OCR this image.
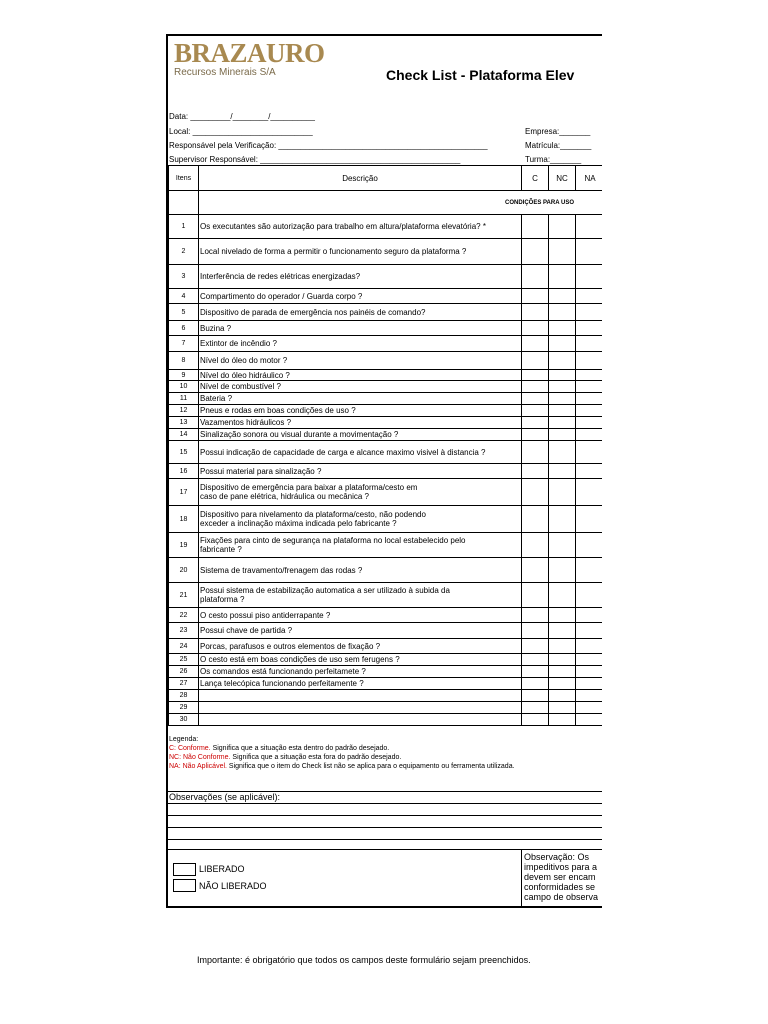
BRAZAURO
Recursos Minerais S/A	Check List - Plataforma Elev
Data: _________/________/__________
Local: ___________________________
Responsável pela Verificação: _______________________________________________
Supervisor Responsável: _____________________________________________
Empresa:_______
Matrícula:_______
Turma:_______
Itens	Descrição	C	NC	NA
	CONDIÇÕES PARA USO			
1	Os executantes são autorização para trabalho em altura/plataforma elevatória? *			
2	Local nivelado de forma a permitir o funcionamento seguro da plataforma ?			
3	Interferência de redes elétricas energizadas?			
4	Compartimento do operador / Guarda corpo ?			
5	Dispositivo de parada de emergência nos painéis de comando?			
6	Buzina ?			
7	Extintor de incêndio ?			
8	Nível do óleo do motor ?			
9	Nível do óleo hidráulico ?			
10	Nível de combustível ?			
11	Bateria ?			
12	Pneus e rodas em boas condições de uso ?			
13	Vazamentos hidráulicos ?			
14	Sinalização sonora ou visual durante a movimentação ?			
15	Possui indicação de capacidade de carga e alcance maximo visivel à distancia ?			
16	Possui material para sinalização ?			
17	Dispositivo de emergência para baixar a plataforma/cesto em
caso de pane elétrica, hidráulica ou mecânica ?			
18	Dispositivo para nivelamento da plataforma/cesto, não podendo
exceder a inclinação máxima indicada pelo fabricante ?			
19	Fixações para cinto de segurança na plataforma no local estabelecido pelo
fabricante ?			
20	Sistema de travamento/frenagem das rodas ?			
21	Possui sistema de estabilização automatica a ser utilizado à subida da
plataforma ?			
22	O cesto possui piso antiderrapante ?			
23	Possui chave de partida ?			
24	Porcas, parafusos e outros elementos de fixação ?			
25	O cesto está em boas condições de uso sem ferugens ?			
26	Os comandos está funcionando perfeitamete ?			
27	Lança telecópica funcionando perfeitamente ?			
28				
29				
30				
Legenda:
C: Conforme. Significa que a situação esta dentro do padrão desejado.
NC: Não Conforme. Significa que a situação esta fora do padrão desejado.
NA: Não Aplicável. Significa que o item do Check list não se aplica para o equipamento ou ferramenta utilizada.
Observações (se aplicável):
LIBERADO
NÃO LIBERADO
Observação: Os
impeditivos para a
devem ser encam
conformidades se
campo de observa
Importante: é obrigatório que todos os campos deste formulário sejam preenchidos.
